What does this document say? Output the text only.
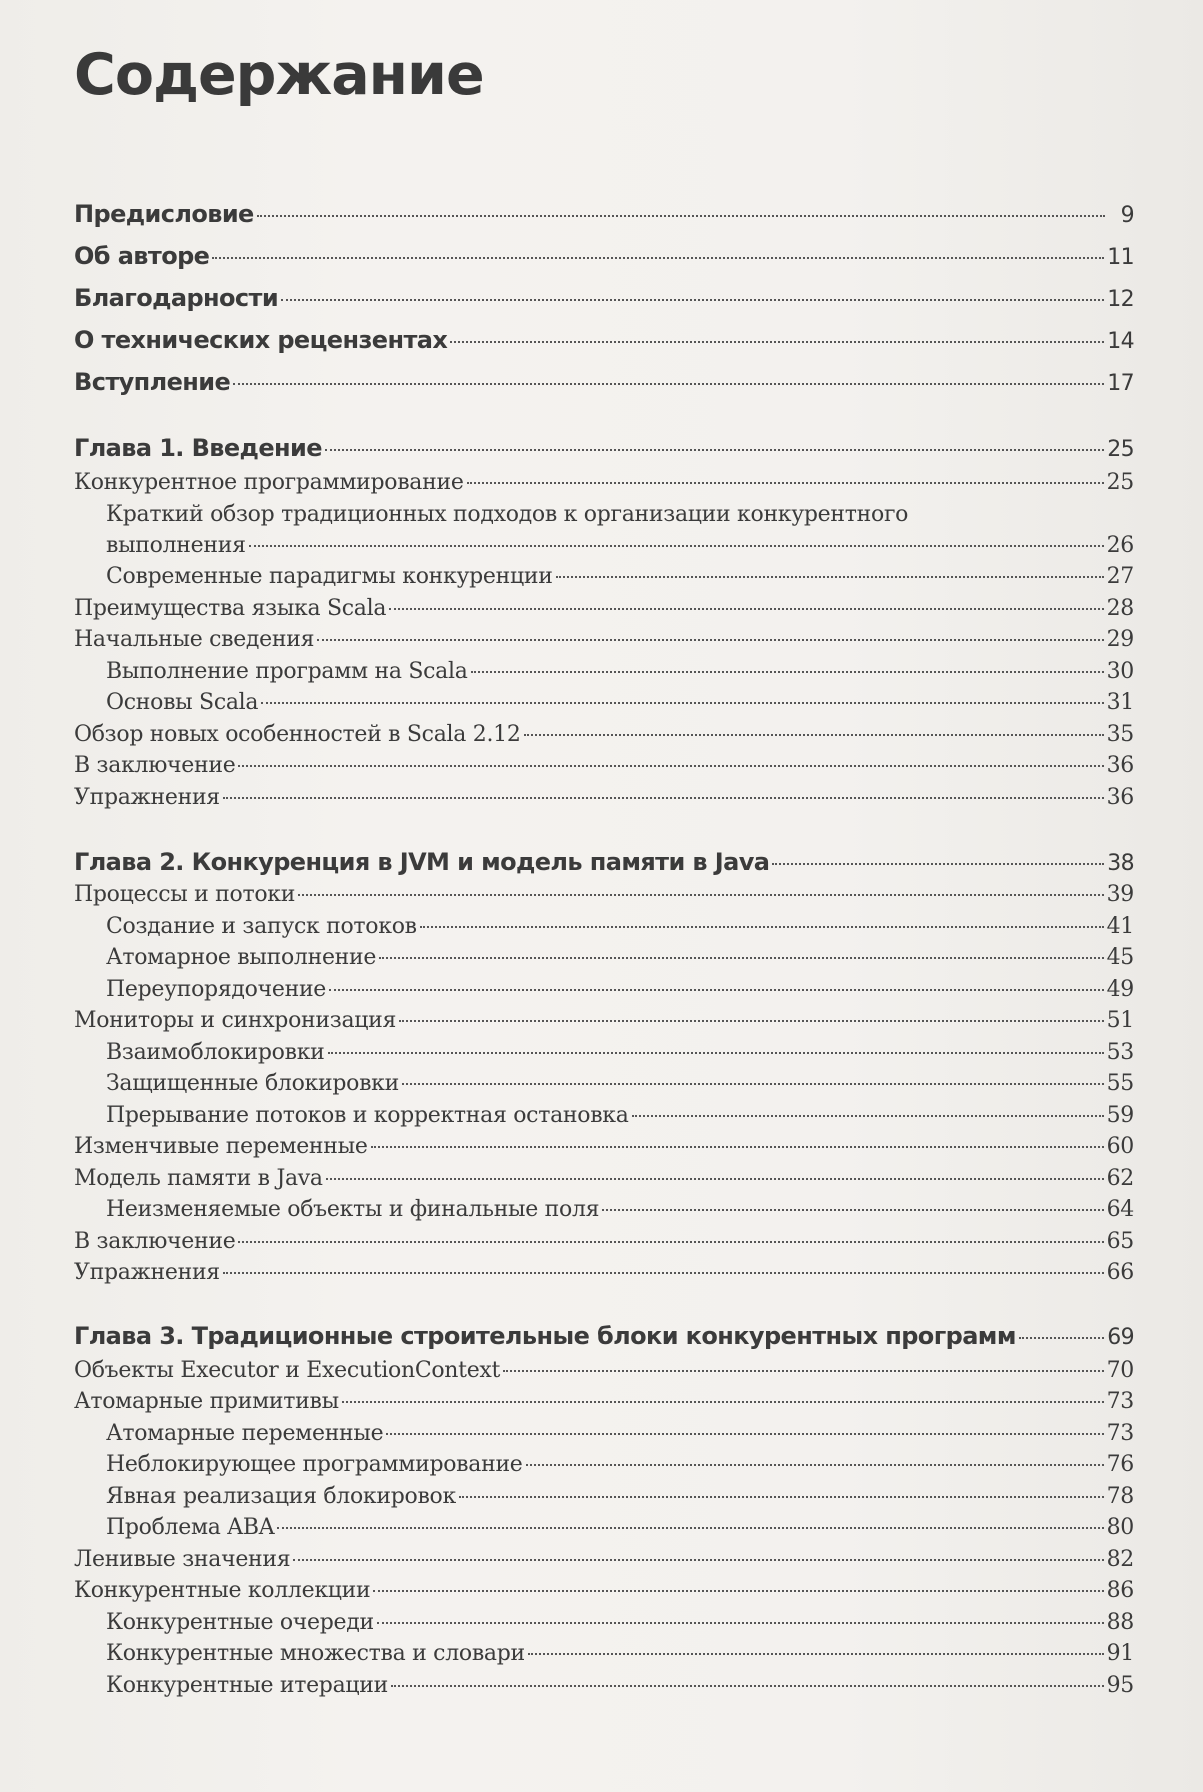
Содержание
Предисловие	9
Об авторе	11
Благодарности	12
О технических рецензентах	14
Вступление	17
Глава 1. Введение	25
Конкурентное программирование	25
Краткий обзор традиционных подходов к организации конкурентного
выполнения	26
Современные парадигмы конкуренции	27
Преимущества языка Scala	28
Начальные сведения	29
Выполнение программ на Scala	30
Основы Scala	31
Обзор новых особенностей в Scala 2.12	35
В заключение	36
Упражнения	36
Глава 2. Конкуренция в JVM и модель памяти в Java	38
Процессы и потоки	39
Создание и запуск потоков	41
Атомарное выполнение	45
Переупорядочение	49
Мониторы и синхронизация	51
Взаимоблокировки	53
Защищенные блокировки	55
Прерывание потоков и корректная остановка	59
Изменчивые переменные	60
Модель памяти в Java	62
Неизменяемые объекты и финальные поля	64
В заключение	65
Упражнения	66
Глава 3. Традиционные строительные блоки конкурентных программ	69
Объекты Executor и ExecutionContext	70
Атомарные примитивы	73
Атомарные переменные	73
Неблокирующее программирование	76
Явная реализация блокировок	78
Проблема ABA	80
Ленивые значения	82
Конкурентные коллекции	86
Конкурентные очереди	88
Конкурентные множества и словари	91
Конкурентные итерации	95
